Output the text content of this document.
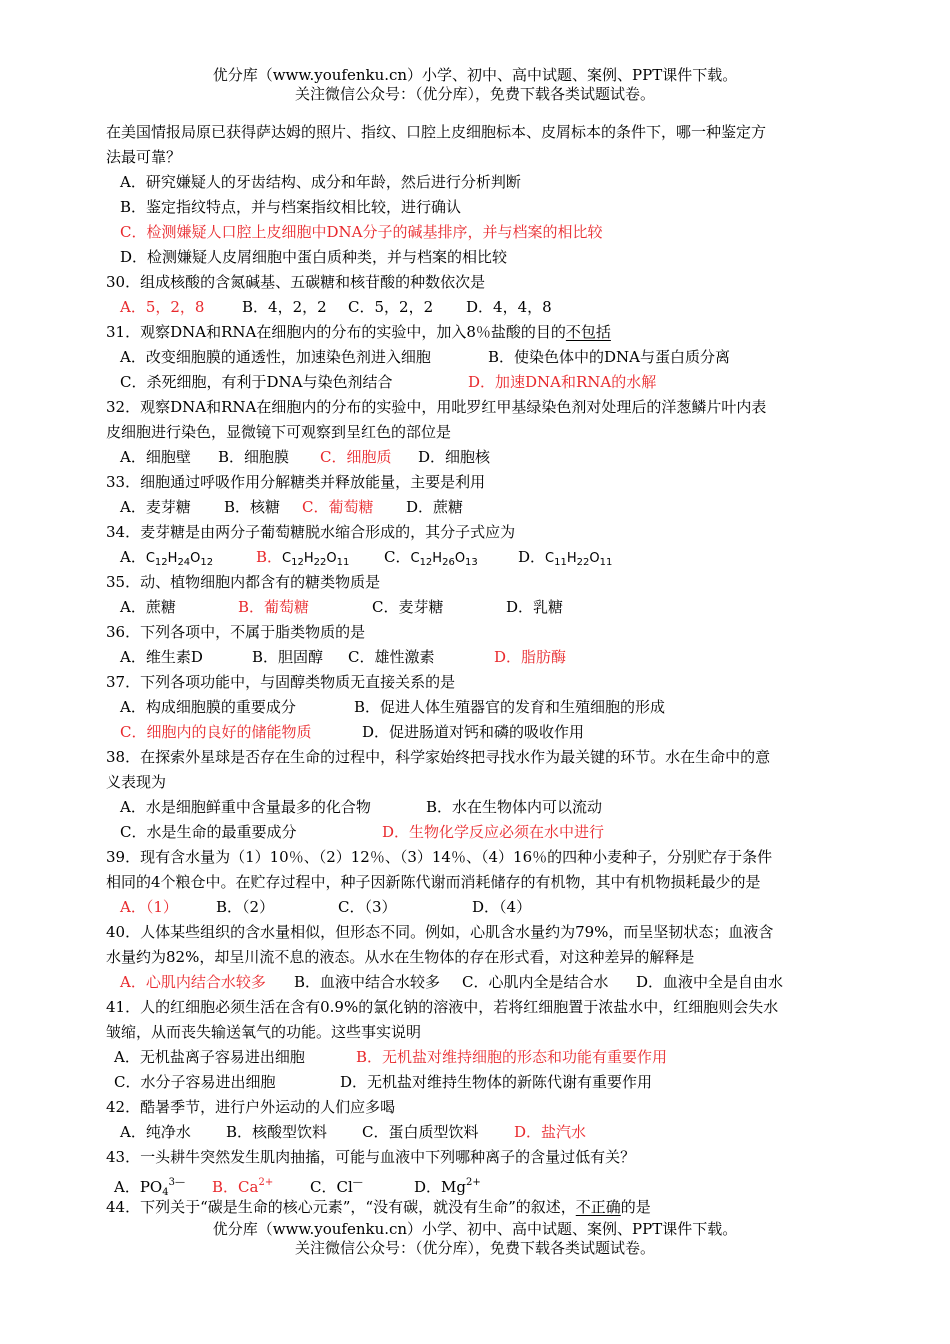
优分库（www.youfenku.cn）小学、初中、高中试题、案例、PPT课件下载。
关注微信公众号：（优分库），免费下载各类试题试卷。
在美国情报局原已获得萨达姆的照片、指纹、口腔上皮细胞标本、皮屑标本的条件下，哪一种鉴定方
法最可靠？
A．研究嫌疑人的牙齿结构、成分和年龄，然后进行分析判断
B．鉴定指纹特点，并与档案指纹相比较，进行确认
C．检测嫌疑人口腔上皮细胞中DNA分子的碱基排序，并与档案的相比较
D．检测嫌疑人皮屑细胞中蛋白质种类，并与档案的相比较
30．组成核酸的含氮碱基、五碳糖和核苷酸的种数依次是
A．5，2，8	B．4，2，2 C．5，2，2 D．4，4，8
31．观察DNA和RNA在细胞内的分布的实验中，加入8％盐酸的目的不包括
A．改变细胞膜的通透性，加速染色剂进入细胞	B．使染色体中的DNA与蛋白质分离
C．杀死细胞，有利于DNA与染色剂结合	D．加速DNA和RNA的水解
32．观察DNA和RNA在细胞内的分布的实验中，用吡罗红甲基绿染色剂对处理后的洋葱鳞片叶内表
皮细胞进行染色，显微镜下可观察到呈红色的部位是
A．细胞壁 B．细胞膜 C．细胞质 D．细胞核
33．细胞通过呼吸作用分解糖类并释放能量，主要是利用
A．麦芽糖 B．核糖 C．葡萄糖 D．蔗糖
34．麦芽糖是由两分子葡萄糖脱水缩合形成的，其分子式应为
A．$C_{12}H_{24}O_{12}$	B．$C_{12}H_{22}O_{11}$ C．$C_{12}H_{26}O_{13}$	D．$C_{11}H_{22}O_{11}$
35．动、植物细胞内都含有的糖类物质是
A．蔗糖	B．葡萄糖	C．麦芽糖	D．乳糖
36．下列各项中，不属于脂类物质的是
A．维生素D	B．胆固醇 C．雄性激素	D．脂肪酶
37．下列各项功能中，与固醇类物质无直接关系的是
A．构成细胞膜的重要成分	B．促进人体生殖器官的发育和生殖细胞的形成
C．细胞内的良好的储能物质	D．促进肠道对钙和磷的吸收作用
38．在探索外星球是否存在生命的过程中，科学家始终把寻找水作为最关键的环节。水在生命中的意
义表现为
A．水是细胞鲜重中含量最多的化合物	B．水在生物体内可以流动
C．水是生命的最重要成分	D．生物化学反应必须在水中进行
39．现有含水量为（1）10％、（2）12％、（3）14％、（4）16％的四种小麦种子，分别贮存于条件
相同的4个粮仓中。在贮存过程中，种子因新陈代谢而消耗储存的有机物，其中有机物损耗最少的是
A．（1）	B．（2）	C．（3）	D．（4）
40．人体某些组织的含水量相似，但形态不同。例如，心肌含水量约为79%，而呈坚韧状态；血液含
水量约为82%，却呈川流不息的液态。从水在生物体的存在形式看，对这种差异的解释是
A．心肌内结合水较多 B．血液中结合水较多 C．心肌内全是结合水 D．血液中全是自由水
41．人的红细胞必须生活在含有0.9%的氯化钠的溶液中，若将红细胞置于浓盐水中，红细胞则会失水
皱缩，从而丧失输送氧气的功能。这些事实说明
A．无机盐离子容易进出细胞	B．无机盐对维持细胞的形态和功能有重要作用
C．水分子容易进出细胞	D．无机盐对维持生物体的新陈代谢有重要作用
42．酷暑季节，进行户外运动的人们应多喝
A．纯净水 B．核酸型饮料 C．蛋白质型饮料 D．盐汽水
43．一头耕牛突然发生肌肉抽搐，可能与血液中下列哪种离子的含量过低有关？
A．$PO_4^{3—}$ B．$Ca^{2+}$ C．Cl—	D．$Mg^{2+}$
44．下列关于“碳是生命的核心元素”，“没有碳，就没有生命”的叙述，不正确的是
优分库（www.youfenku.cn）小学、初中、高中试题、案例、PPT课件下载。
关注微信公众号：（优分库），免费下载各类试题试卷。
